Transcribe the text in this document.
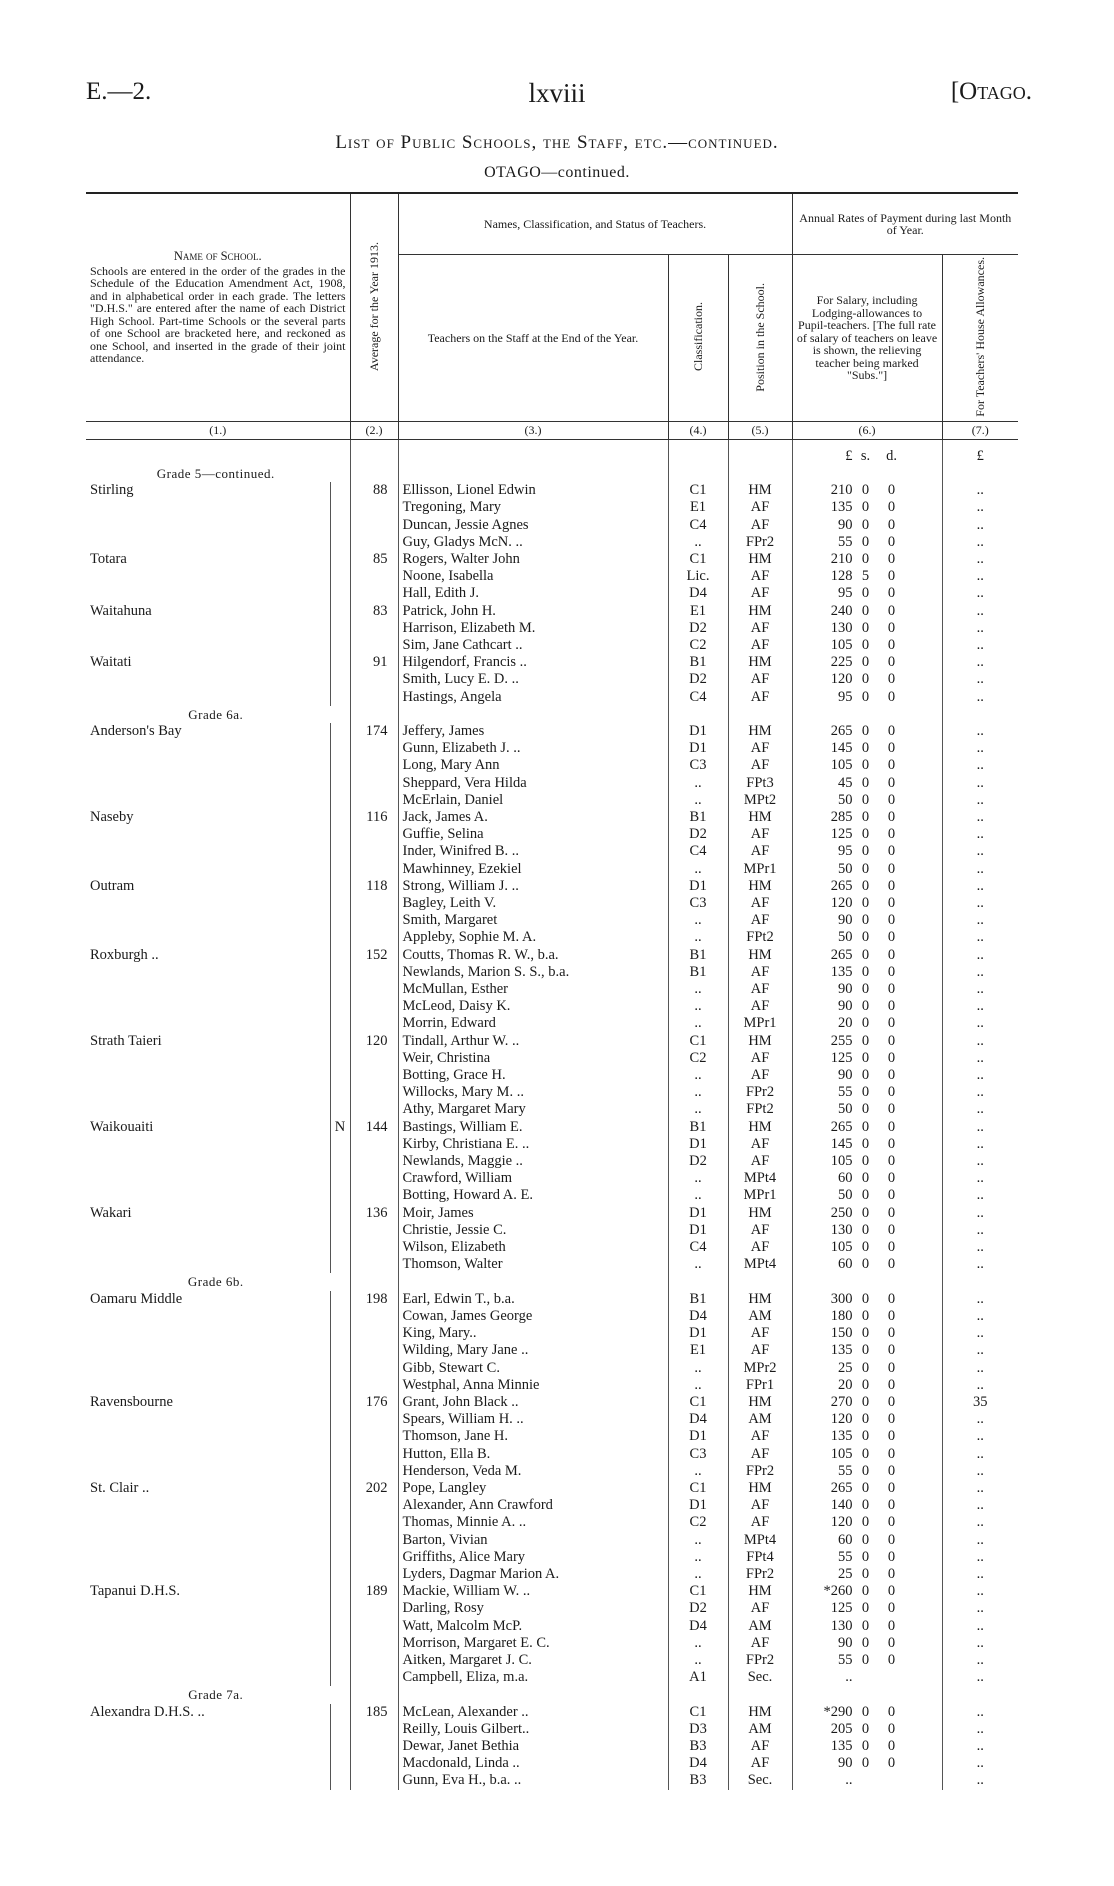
E.—2.	lxviii	[Otago.
List of Public Schools, the Staff, etc.—continued.
OTAGO—continued.
Name of School.
Schools are entered in the order of the grades in the Schedule of the Education Amendment Act, 1908, and in alphabetical order in each grade. The letters "D.H.S." are entered after the name of each District High School. Part-time Schools or the several parts of one School are bracketed here, and reckoned as one School, and inserted in the grade of their joint attendance.		Average for the Year 1913.	Names, Classification, and Status of Teachers.			Annual Rates of Payment during last Month of Year.	
			Teachers on the Staff at the End of the Year.	Classification.	Position in the School.	For Salary, including Lodging-allowances to Pupil-teachers. [The full rate of salary of teachers on leave is shown, the relieving teacher being marked "Subs."]	For Teachers' House Allowances.
(1.)		(2.)	(3.)	(4.)	(5.)	(6.)	(7.)

						£ s. d.	£
Grade 5—continued.							
Stirling		88	Ellisson, Lionel Edwin	C1	HM	210 0 0	..
			Tregoning, Mary	E1	AF	135 0 0	..
			Duncan, Jessie Agnes	C4	AF	90 0 0	..
			Guy, Gladys McN. ..	..	FPr2	55 0 0	..
Totara		85	Rogers, Walter John	C1	HM	210 0 0	..
			Noone, Isabella	Lic.	AF	128 5 0	..
			Hall, Edith J.	D4	AF	95 0 0	..
Waitahuna		83	Patrick, John H.	E1	HM	240 0 0	..
			Harrison, Elizabeth M.	D2	AF	130 0 0	..
			Sim, Jane Cathcart ..	C2	AF	105 0 0	..
Waitati		91	Hilgendorf, Francis ..	B1	HM	225 0 0	..
			Smith, Lucy E. D. ..	D2	AF	120 0 0	..
			Hastings, Angela	C4	AF	95 0 0	..
Grade 6a.							
Anderson's Bay		174	Jeffery, James	D1	HM	265 0 0	..
			Gunn, Elizabeth J. ..	D1	AF	145 0 0	..
			Long, Mary Ann	C3	AF	105 0 0	..
			Sheppard, Vera Hilda	..	FPt3	45 0 0	..
			McErlain, Daniel	..	MPt2	50 0 0	..
Naseby		116	Jack, James A.	B1	HM	285 0 0	..
			Guffie, Selina	D2	AF	125 0 0	..
			Inder, Winifred B. ..	C4	AF	95 0 0	..
			Mawhinney, Ezekiel	..	MPr1	50 0 0	..
Outram		118	Strong, William J. ..	D1	HM	265 0 0	..
			Bagley, Leith V.	C3	AF	120 0 0	..
			Smith, Margaret	..	AF	90 0 0	..
			Appleby, Sophie M. A.	..	FPt2	50 0 0	..
Roxburgh ..		152	Coutts, Thomas R. W., b.a.	B1	HM	265 0 0	..
			Newlands, Marion S. S., b.a.	B1	AF	135 0 0	..
			McMullan, Esther	..	AF	90 0 0	..
			McLeod, Daisy K.	..	AF	90 0 0	..
			Morrin, Edward	..	MPr1	20 0 0	..
Strath Taieri		120	Tindall, Arthur W. ..	C1	HM	255 0 0	..
			Weir, Christina	C2	AF	125 0 0	..
			Botting, Grace H.	..	AF	90 0 0	..
			Willocks, Mary M. ..	..	FPr2	55 0 0	..
			Athy, Margaret Mary	..	FPt2	50 0 0	..
Waikouaiti	N	144	Bastings, William E.	B1	HM	265 0 0	..
			Kirby, Christiana E. ..	D1	AF	145 0 0	..
			Newlands, Maggie ..	D2	AF	105 0 0	..
			Crawford, William	..	MPt4	60 0 0	..
			Botting, Howard A. E.	..	MPr1	50 0 0	..
Wakari		136	Moir, James	D1	HM	250 0 0	..
			Christie, Jessie C.	D1	AF	130 0 0	..
			Wilson, Elizabeth	C4	AF	105 0 0	..
			Thomson, Walter	..	MPt4	60 0 0	..
Grade 6b.							
Oamaru Middle		198	Earl, Edwin T., b.a.	B1	HM	300 0 0	..
			Cowan, James George	D4	AM	180 0 0	..
			King, Mary..	D1	AF	150 0 0	..
			Wilding, Mary Jane ..	E1	AF	135 0 0	..
			Gibb, Stewart C.	..	MPr2	25 0 0	..
			Westphal, Anna Minnie	..	FPr1	20 0 0	..
Ravensbourne		176	Grant, John Black ..	C1	HM	270 0 0	35
			Spears, William H. ..	D4	AM	120 0 0	..
			Thomson, Jane H.	D1	AF	135 0 0	..
			Hutton, Ella B.	C3	AF	105 0 0	..
			Henderson, Veda M.	..	FPr2	55 0 0	..
St. Clair ..		202	Pope, Langley	C1	HM	265 0 0	..
			Alexander, Ann Crawford	D1	AF	140 0 0	..
			Thomas, Minnie A. ..	C2	AF	120 0 0	..
			Barton, Vivian	..	MPt4	60 0 0	..
			Griffiths, Alice Mary	..	FPt4	55 0 0	..
			Lyders, Dagmar Marion A.	..	FPr2	25 0 0	..
Tapanui D.H.S.		189	Mackie, William W. ..	C1	HM	*260 0 0	..
			Darling, Rosy	D2	AF	125 0 0	..
			Watt, Malcolm McP.	D4	AM	130 0 0	..
			Morrison, Margaret E. C.	..	AF	90 0 0	..
			Aitken, Margaret J. C.	..	FPr2	55 0 0	..
			Campbell, Eliza, m.a.	A1	Sec.	..	..
Grade 7a.							
Alexandra D.H.S. ..		185	McLean, Alexander ..	C1	HM	*290 0 0	..
			Reilly, Louis Gilbert..	D3	AM	205 0 0	..
			Dewar, Janet Bethia	B3	AF	135 0 0	..
			Macdonald, Linda ..	D4	AF	90 0 0	..
			Gunn, Eva H., b.a. ..	B3	Sec.	..	..
